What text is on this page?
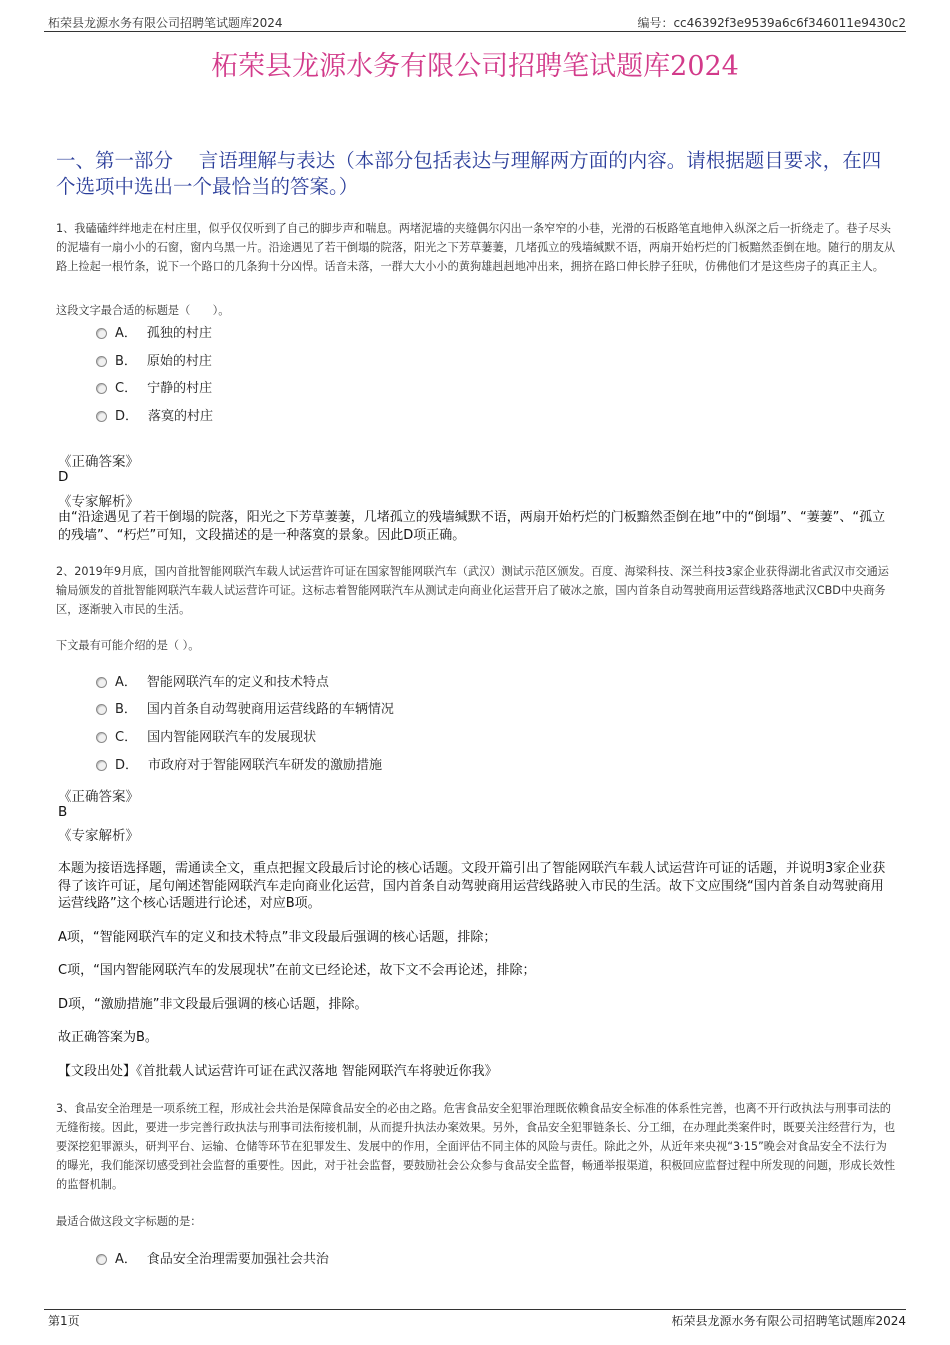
柘荣县龙源水务有限公司招聘笔试题库2024	编号：cc46392f3e9539a6c6f346011e9430c2
柘荣县龙源水务有限公司招聘笔试题库2024
一、第一部分　 言语理解与表达（本部分包括表达与理解两方面的内容。请根据题目要求，在四个选项中选出一个最恰当的答案。）
1、我磕磕绊绊地走在村庄里，似乎仅仅听到了自己的脚步声和喘息。两堵泥墙的夹缝偶尔闪出一条窄窄的小巷，光滑的石板路笔直地伸入纵深之后一折绕走了。巷子尽头的泥墙有一扇小小的石窗，窗内乌黑一片。沿途遇见了若干倒塌的院落，阳光之下芳草萋萋，几堵孤立的残墙缄默不语，两扇开始朽烂的门板黯然歪倒在地。随行的朋友从路上捡起一根竹条，说下一个路口的几条狗十分凶悍。话音未落，一群大大小小的黄狗雄赳赳地冲出来，拥挤在路口伸长脖子狂吠，仿佛他们才是这些房子的真正主人。
这段文字最合适的标题是（　　）。
A． 孤独的村庄
B． 原始的村庄
C． 宁静的村庄
D． 落寞的村庄
《正确答案》
D
《专家解析》
由“沿途遇见了若干倒塌的院落，阳光之下芳草萋萋，几堵孤立的残墙缄默不语，两扇开始朽烂的门板黯然歪倒在地”中的“倒塌”、“萋萋”、“孤立的残墙”、“朽烂”可知，文段描述的是一种落寞的景象。因此D项正确。
2、2019年9月底，国内首批智能网联汽车载人试运营许可证在国家智能网联汽车（武汉）测试示范区颁发。百度、海梁科技、深兰科技3家企业获得湖北省武汉市交通运输局颁发的首批智能网联汽车载人试运营许可证。这标志着智能网联汽车从测试走向商业化运营开启了破冰之旅，国内首条自动驾驶商用运营线路落地武汉CBD中央商务区，逐渐驶入市民的生活。
下文最有可能介绍的是（ ）。
A． 智能网联汽车的定义和技术特点
B． 国内首条自动驾驶商用运营线路的车辆情况
C． 国内智能网联汽车的发展现状
D． 市政府对于智能网联汽车研发的激励措施
《正确答案》
B
《专家解析》
本题为接语选择题，需通读全文，重点把握文段最后讨论的核心话题。文段开篇引出了智能网联汽车载人试运营许可证的话题，并说明3家企业获得了该许可证，尾句阐述智能网联汽车走向商业化运营，国内首条自动驾驶商用运营线路驶入市民的生活。故下文应围绕“国内首条自动驾驶商用运营线路”这个核心话题进行论述，对应B项。
A项，“智能网联汽车的定义和技术特点”非文段最后强调的核心话题，排除；
C项，“国内智能网联汽车的发展现状”在前文已经论述，故下文不会再论述，排除；
D项，“激励措施”非文段最后强调的核心话题，排除。
故正确答案为B。
【文段出处】《首批载人试运营许可证在武汉落地 智能网联汽车将驶近你我》
3、食品安全治理是一项系统工程，形成社会共治是保障食品安全的必由之路。危害食品安全犯罪治理既依赖食品安全标准的体系性完善，也离不开行政执法与刑事司法的无缝衔接。因此，要进一步完善行政执法与刑事司法衔接机制，从而提升执法办案效果。另外，食品安全犯罪链条长、分工细，在办理此类案件时，既要关注经营行为，也要深挖犯罪源头，研判平台、运输、仓储等环节在犯罪发生、发展中的作用，全面评估不同主体的风险与责任。除此之外，从近年来央视“3·15”晚会对食品安全不法行为的曝光，我们能深切感受到社会监督的重要性。因此，对于社会监督，要鼓励社会公众参与食品安全监督，畅通举报渠道，积极回应监督过程中所发现的问题，形成长效性的监督机制。
最适合做这段文字标题的是：
A． 食品安全治理需要加强社会共治
第1页	柘荣县龙源水务有限公司招聘笔试题库2024
